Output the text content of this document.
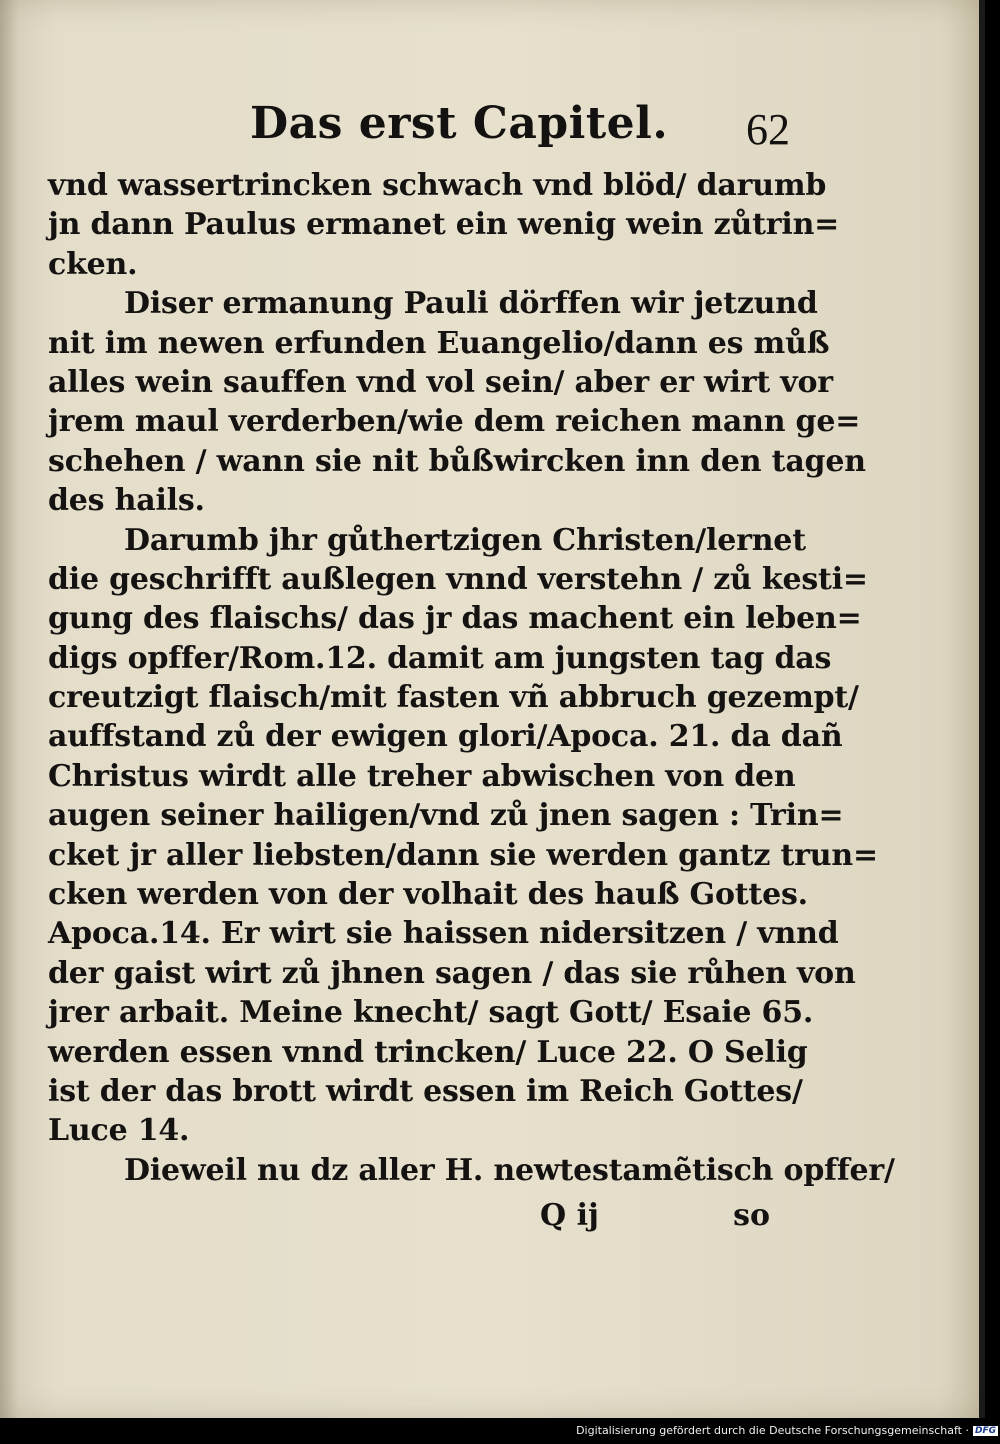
Das erst Capitel. 62
vnd wassertrincken schwach vnd blöd/ darumb
jn dann Paulus ermanet ein wenig wein zůtrin=
cken.
Diser ermanung Pauli dörffen wir jetzund
nit im newen erfunden Euangelio/dann es můß
alles wein sauffen vnd vol sein/ aber er wirt vor
jrem maul verderben/wie dem reichen mann ge=
schehen / wann sie nit bůßwircken inn den tagen
des hails.
Darumb jhr gůthertzigen Christen/lernet
die geschrifft außlegen vnnd verstehn / zů kesti=
gung des flaischs/ das jr das machent ein leben=
digs opffer/Rom.12. damit am jungsten tag das
creutzigt flaisch/mit fasten vñ abbruch gezempt/
auffstand zů der ewigen glori/Apoca. 21. da dañ
Christus wirdt alle treher abwischen von den
augen seiner hailigen/vnd zů jnen sagen : Trin=
cket jr aller liebsten/dann sie werden gantz trun=
cken werden von der volhait des hauß Gottes.
Apoca.14. Er wirt sie haissen nidersitzen / vnnd
der gaist wirt zů jhnen sagen / das sie růhen von
jrer arbait. Meine knecht/ sagt Gott/ Esaie 65.
werden essen vnnd trincken/ Luce 22. O Selig
ist der das brott wirdt essen im Reich Gottes/
Luce 14.
Dieweil nu dz aller H. newtestamẽtisch opffer/
Q ij	so
Digitalisierung gefördert durch die Deutsche Forschungsgemeinschaft · DFG
